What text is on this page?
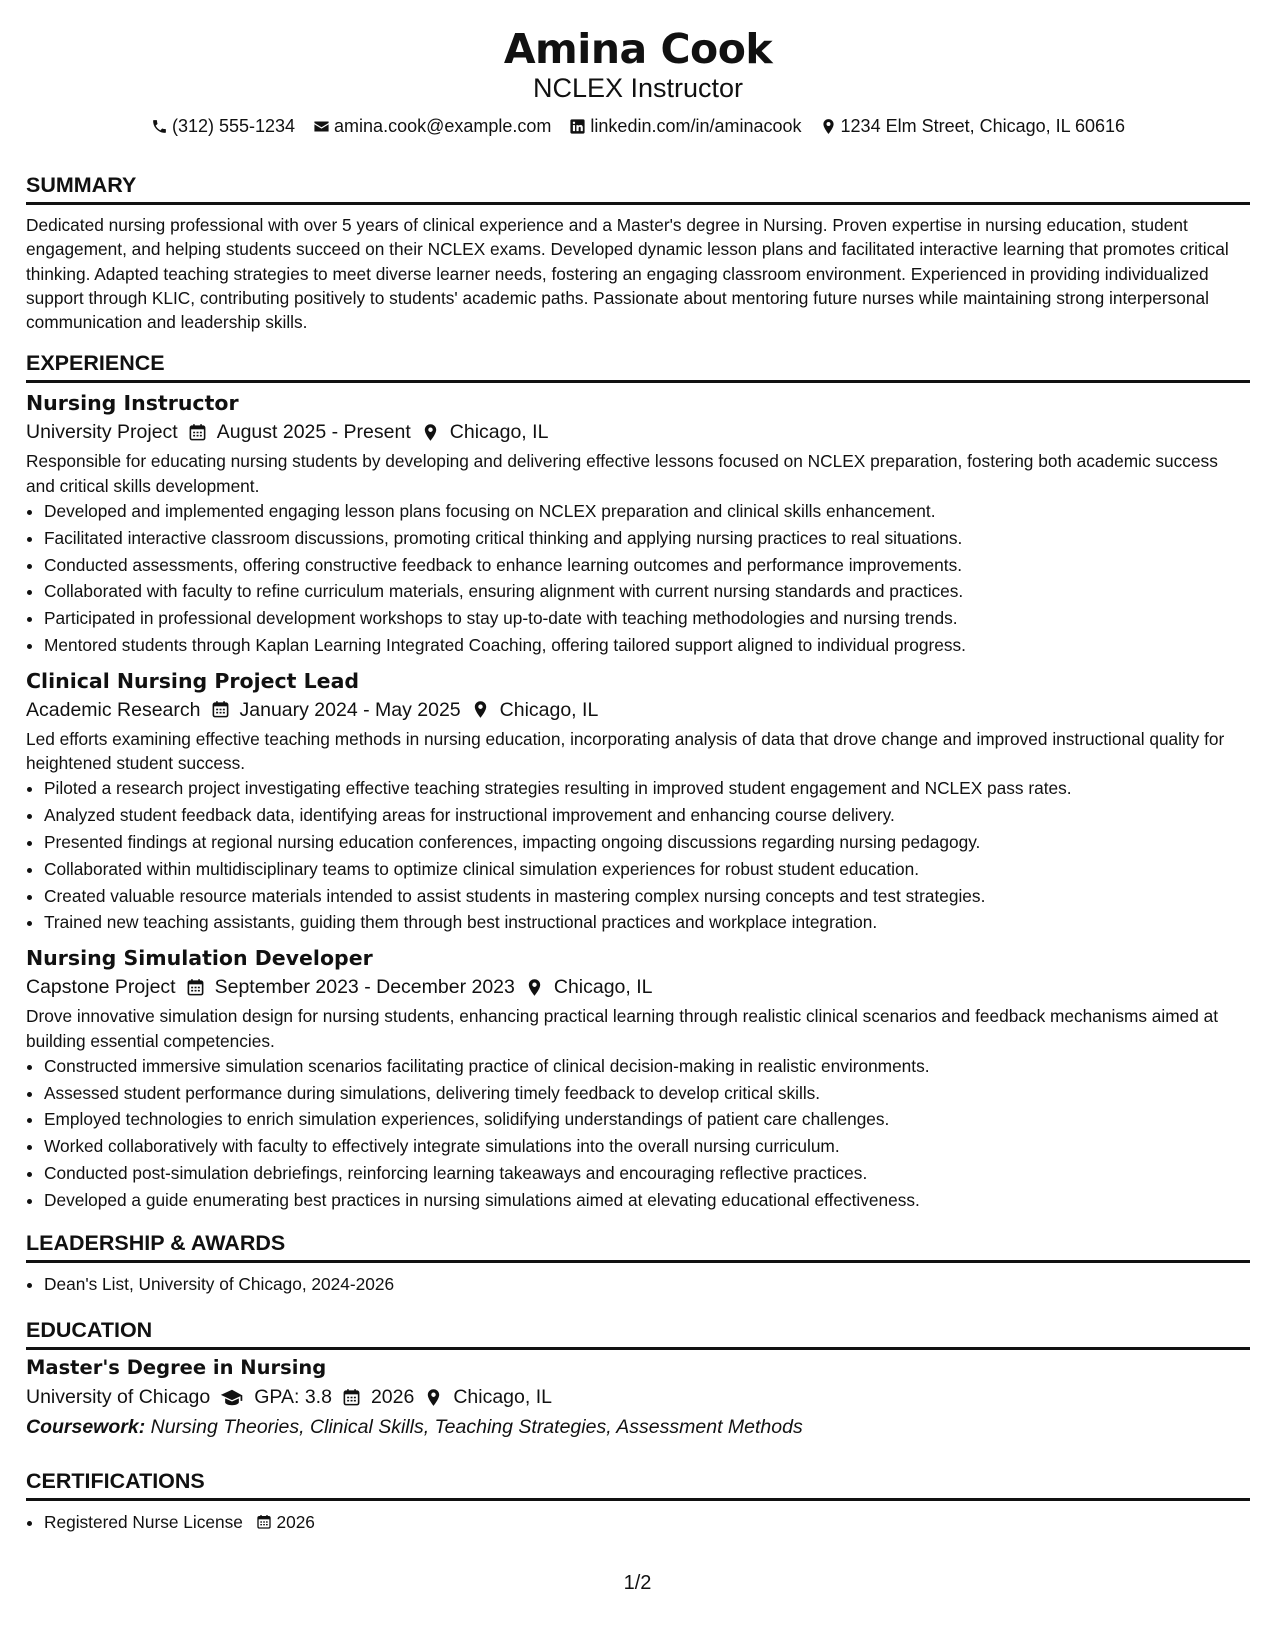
Amina Cook
NCLEX Instructor
(312) 555-1234 amina.cook@example.com linkedin.com/in/aminacook 1234 Elm Street, Chicago, IL 60616
SUMMARY

Dedicated nursing professional with over 5 years of clinical experience and a Master's degree in Nursing. Proven expertise in nursing education, student engagement, and helping students succeed on their NCLEX exams. Developed dynamic lesson plans and facilitated interactive learning that promotes critical thinking. Adapted teaching strategies to meet diverse learner needs, fostering an engaging classroom environment. Experienced in providing individualized support through KLIC, contributing positively to students' academic paths. Passionate about mentoring future nurses while maintaining strong interpersonal communication and leadership skills.

EXPERIENCE
Nursing Instructor
University Project August 2025 - Present Chicago, IL

Responsible for educating nursing students by developing and delivering effective lessons focused on NCLEX preparation, fostering both academic success and critical skills development.

• Developed and implemented engaging lesson plans focusing on NCLEX preparation and clinical skills enhancement.
• Facilitated interactive classroom discussions, promoting critical thinking and applying nursing practices to real situations.
• Conducted assessments, offering constructive feedback to enhance learning outcomes and performance improvements.
• Collaborated with faculty to refine curriculum materials, ensuring alignment with current nursing standards and practices.
• Participated in professional development workshops to stay up-to-date with teaching methodologies and nursing trends.
• Mentored students through Kaplan Learning Integrated Coaching, offering tailored support aligned to individual progress.
Clinical Nursing Project Lead
Academic Research January 2024 - May 2025 Chicago, IL

Led efforts examining effective teaching methods in nursing education, incorporating analysis of data that drove change and improved instructional quality for heightened student success.

• Piloted a research project investigating effective teaching strategies resulting in improved student engagement and NCLEX pass rates.
• Analyzed student feedback data, identifying areas for instructional improvement and enhancing course delivery.
• Presented findings at regional nursing education conferences, impacting ongoing discussions regarding nursing pedagogy.
• Collaborated within multidisciplinary teams to optimize clinical simulation experiences for robust student education.
• Created valuable resource materials intended to assist students in mastering complex nursing concepts and test strategies.
• Trained new teaching assistants, guiding them through best instructional practices and workplace integration.
Nursing Simulation Developer
Capstone Project September 2023 - December 2023 Chicago, IL

Drove innovative simulation design for nursing students, enhancing practical learning through realistic clinical scenarios and feedback mechanisms aimed at building essential competencies.

• Constructed immersive simulation scenarios facilitating practice of clinical decision-making in realistic environments.
• Assessed student performance during simulations, delivering timely feedback to develop critical skills.
• Employed technologies to enrich simulation experiences, solidifying understandings of patient care challenges.
• Worked collaboratively with faculty to effectively integrate simulations into the overall nursing curriculum.
• Conducted post-simulation debriefings, reinforcing learning takeaways and encouraging reflective practices.
• Developed a guide enumerating best practices in nursing simulations aimed at elevating educational effectiveness.
LEADERSHIP & AWARDS
• Dean's List, University of Chicago, 2024-2026
EDUCATION
Master's Degree in Nursing
University of Chicago GPA: 3.8 2026 Chicago, IL
Coursework: Nursing Theories, Clinical Skills, Teaching Strategies, Assessment Methods
CERTIFICATIONS
• Registered Nurse License 2026
1/2
